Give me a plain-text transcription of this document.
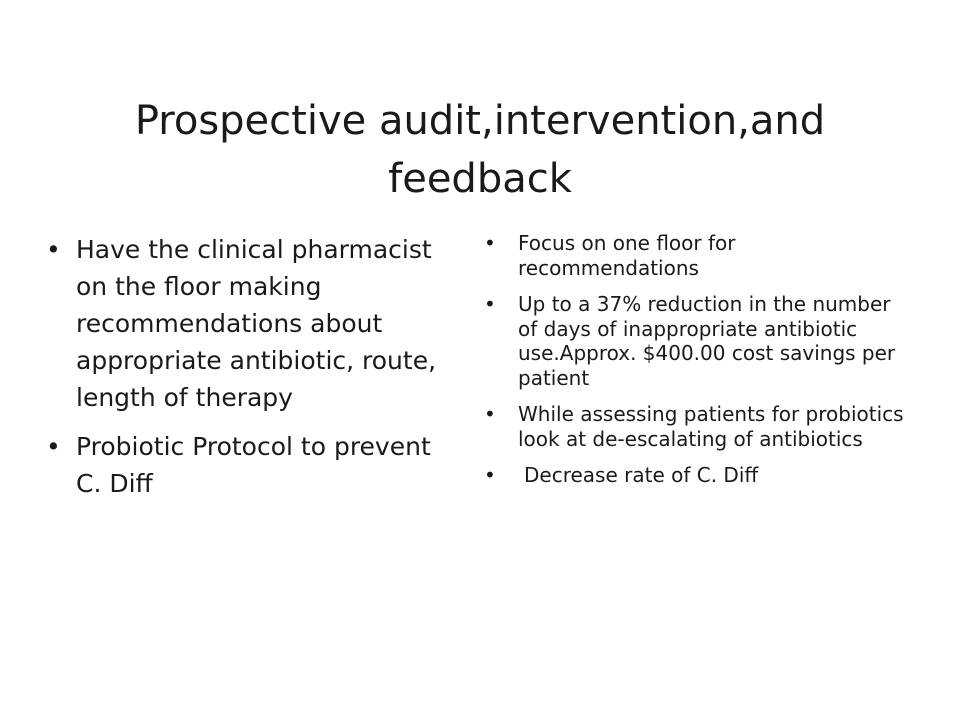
Prospective audit,intervention,and feedback
• Have the clinical pharmacist on the floor making recommendations about appropriate antibiotic, route, length of therapy
• Probiotic Protocol to prevent C. Diff
• Focus on one floor for recommendations
• Up to a 37% reduction in the number of days of inappropriate antibiotic use.Approx. $400.00 cost savings per patient
• While assessing patients for probiotics look at de-escalating of antibiotics
• Decrease rate of C. Diff
